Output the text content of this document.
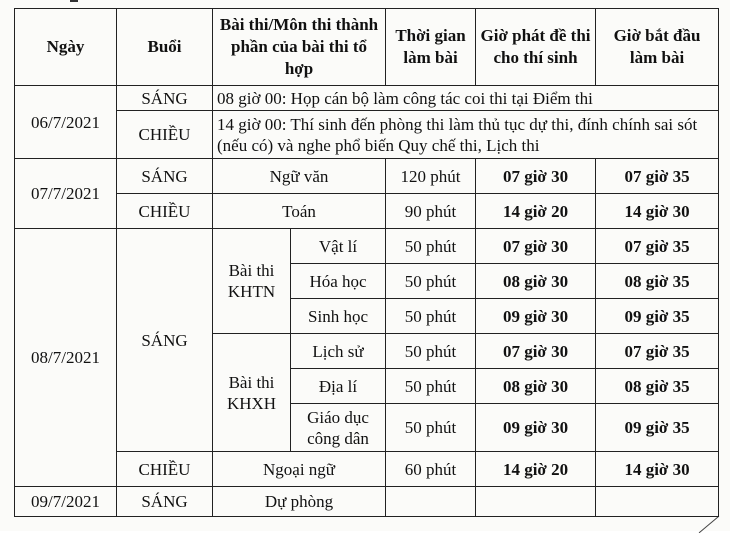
Ngày	Buổi	Bài thi/Môn thi thành phần của bài thi tổ hợp		Thời gian làm bài	Giờ phát đề thi cho thí sinh	Giờ bắt đầu làm bài
06/7/2021	SÁNG	08 giờ 00: Họp cán bộ làm công tác coi thi tại Điểm thi				
	CHIỀU	14 giờ 00: Thí sinh đến phòng thi làm thủ tục dự thi, đính chính sai sót (nếu có) và nghe phổ biến Quy chế thi, Lịch thi				
07/7/2021	SÁNG	Ngữ văn		120 phút	07 giờ 30	07 giờ 35
	CHIỀU	Toán		90 phút	14 giờ 20	14 giờ 30
08/7/2021	SÁNG	Bài thi KHTN	Vật lí	50 phút	07 giờ 30	07 giờ 35
			Hóa học	50 phút	08 giờ 30	08 giờ 35
			Sinh học	50 phút	09 giờ 30	09 giờ 35
		Bài thi KHXH	Lịch sử	50 phút	07 giờ 30	07 giờ 35
			Địa lí	50 phút	08 giờ 30	08 giờ 35
			Giáo dục công dân	50 phút	09 giờ 30	09 giờ 35
	CHIỀU	Ngoại ngữ		60 phút	14 giờ 20	14 giờ 30
09/7/2021	SÁNG	Dự phòng				
